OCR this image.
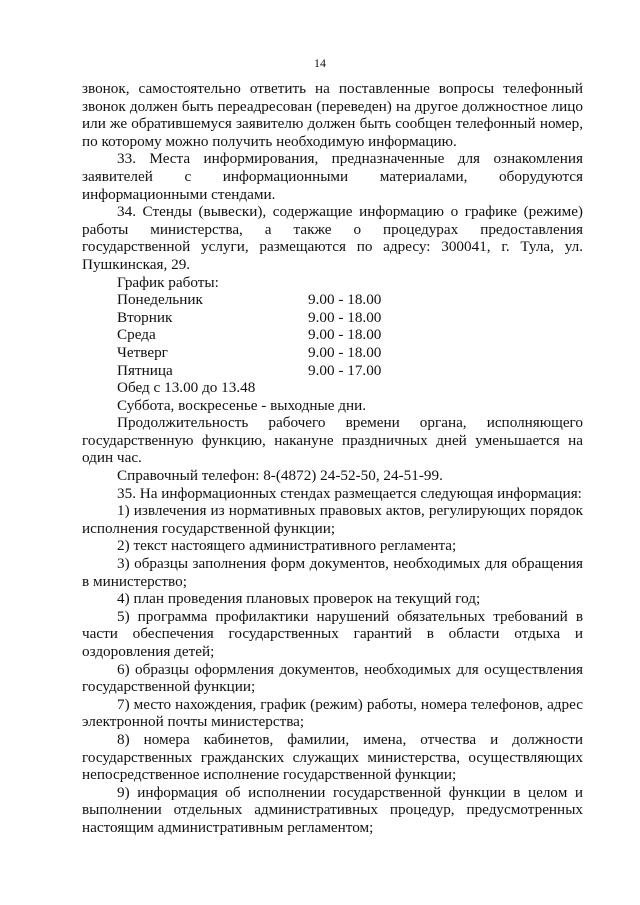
14

звонок, самостоятельно ответить на поставленные вопросы телефонный звонок должен быть переадресован (переведен) на другое должностное лицо или же обратившемуся заявителю должен быть сообщен телефонный номер, по которому можно получить необходимую информацию.

33. Места информирования, предназначенные для ознакомления заявителей с информационными материалами, оборудуются информационными стендами.

34. Стенды (вывески), содержащие информацию о графике (режиме) работы министерства, а также о процедурах предоставления государственной услуги, размещаются по адресу: 300041, г. Тула, ул. Пушкинская, 29.

График работы:

Понедельник	9.00 - 18.00
Вторник	9.00 - 18.00
Среда	9.00 - 18.00
Четверг	9.00 - 18.00
Пятница	9.00 - 17.00

Обед с 13.00 до 13.48

Суббота, воскресенье - выходные дни.

Продолжительность рабочего времени органа, исполняющего государственную функцию, накануне праздничных дней уменьшается на один час.

Справочный телефон: 8-(4872) 24-52-50, 24-51-99.

35. На информационных стендах размещается следующая информация:

1) извлечения из нормативных правовых актов, регулирующих порядок исполнения государственной функции;

2) текст настоящего административного регламента;

3) образцы заполнения форм документов, необходимых для обращения в министерство;

4) план проведения плановых проверок на текущий год;

5) программа профилактики нарушений обязательных требований в части обеспечения государственных гарантий в области отдыха и оздоровления детей;

6) образцы оформления документов, необходимых для осуществления государственной функции;

7) место нахождения, график (режим) работы, номера телефонов, адрес электронной почты министерства;

8) номера кабинетов, фамилии, имена, отчества и должности государственных гражданских служащих министерства, осуществляющих непосредственное исполнение государственной функции;

9) информация об исполнении государственной функции в целом и выполнении отдельных административных процедур, предусмотренных настоящим административным регламентом;
